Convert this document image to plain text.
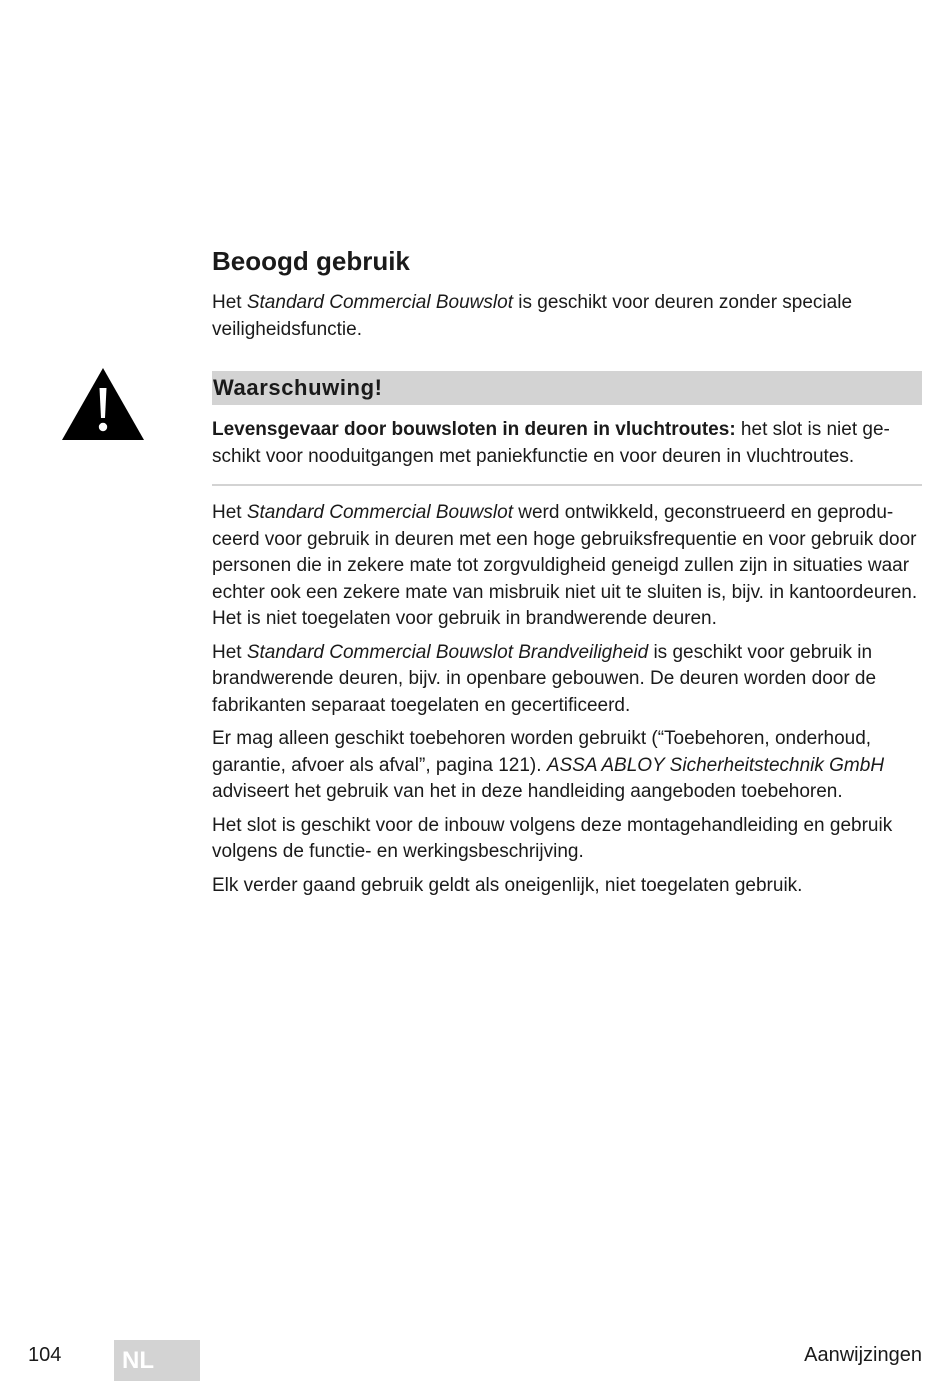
Beoogd gebruik

Het Standard Commercial Bouwslot is geschikt voor deuren zonder speciale veiligheidsfunctie.

Waarschuwing!

Levensgevaar door bouwsloten in deuren in vluchtroutes: het slot is niet geschikt voor nooduitgangen met paniekfunctie en voor deuren in vluchtroutes.

Het Standard Commercial Bouwslot werd ontwikkeld, geconstrueerd en geproduceerd voor gebruik in deuren met een hoge gebruiksfrequentie en voor gebruik door personen die in zekere mate tot zorgvuldigheid geneigd zullen zijn in situaties waar echter ook een zekere mate van misbruik niet uit te sluiten is, bijv. in kantoordeuren. Het is niet toegelaten voor gebruik in brandwerende deuren.

Het Standard Commercial Bouwslot Brandveiligheid is geschikt voor gebruik in brandwerende deuren, bijv. in openbare gebouwen. De deuren worden door de fabrikanten separaat toegelaten en gecertificeerd.

Er mag alleen geschikt toebehoren worden gebruikt (“Toebehoren, onderhoud, garantie, afvoer als afval”, pagina 121). ASSA ABLOY Sicherheitstechnik GmbH adviseert het gebruik van het in deze handleiding aangeboden toebehoren.

Het slot is geschikt voor de inbouw volgens deze montagehandleiding en gebruik volgens de functie- en werkingsbeschrijving.

Elk verder gaand gebruik geldt als oneigenlijk, niet toegelaten gebruik.

104	NL	Aanwijzingen
